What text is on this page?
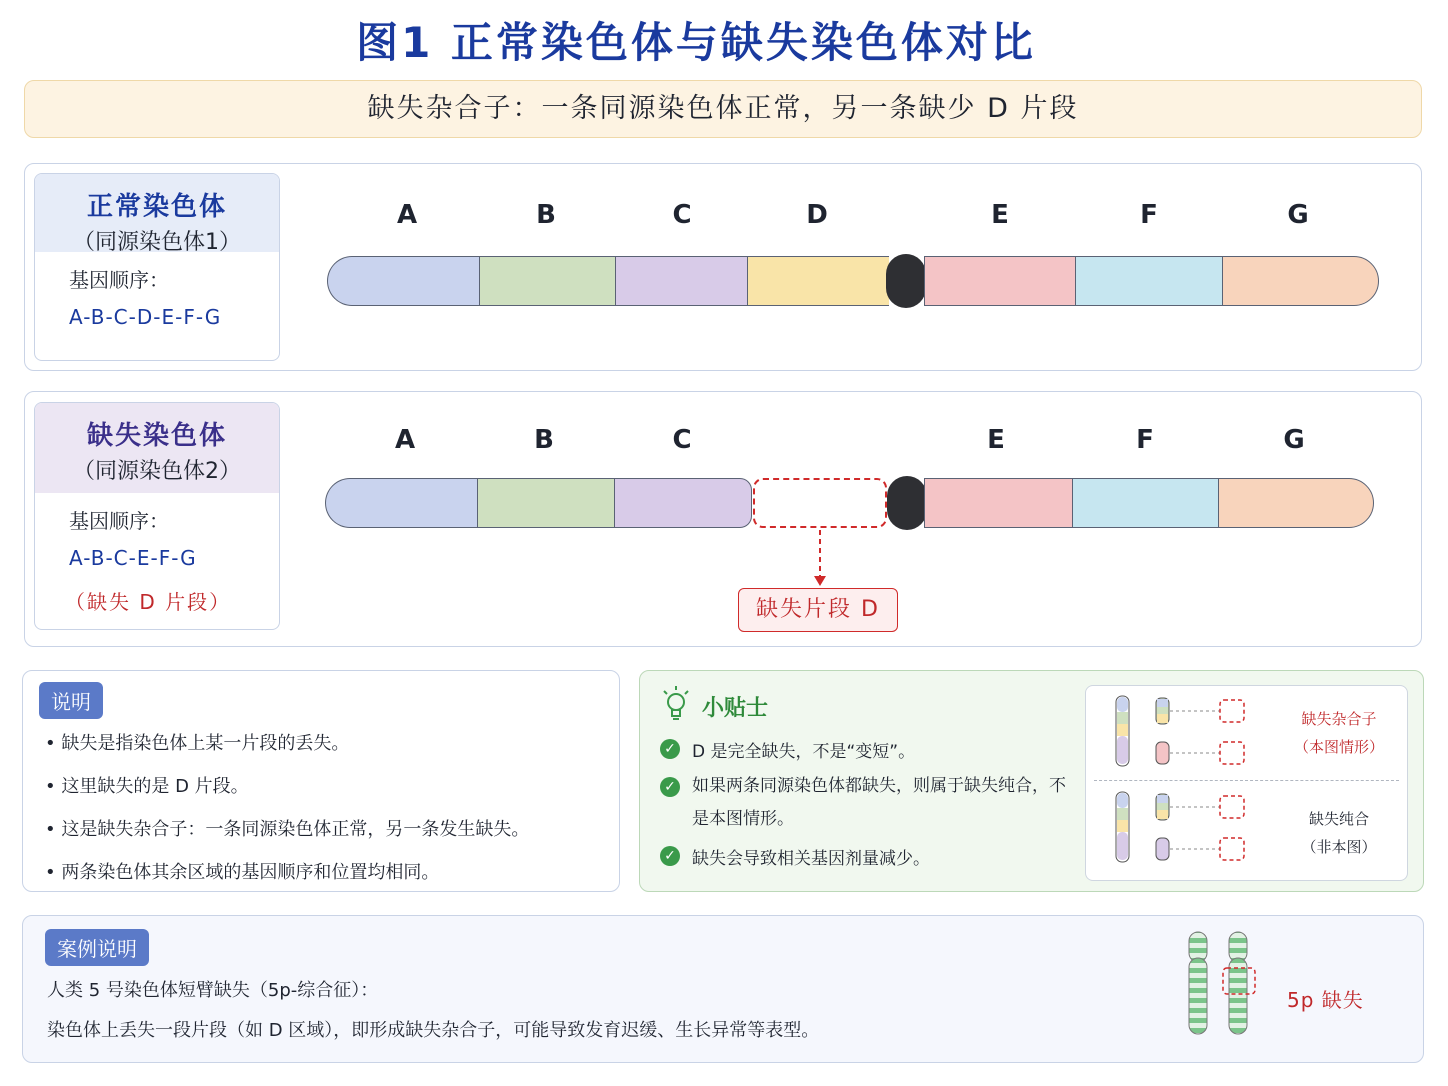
图1 正常染色体与缺失染色体对比
缺失杂合子：一条同源染色体正常，另一条缺少 D 片段
正常染色体
（同源染色体1）
基因顺序：
A-B-C-D-E-F-G
A	B	C	D	E	F	G
缺失染色体
（同源染色体2）
基因顺序：
A-B-C-E-F-G
（缺失 D 片段）
A	B	C	E	F	G
缺失片段 D
说明
• 缺失是指染色体上某一片段的丢失。
• 这里缺失的是 D 片段。
• 这是缺失杂合子：一条同源染色体正常，另一条发生缺失。
• 两条染色体其余区域的基因顺序和位置均相同。
小贴士
✓ D 是完全缺失，不是“变短”。
✓ 如果两条同源染色体都缺失，则属于缺失纯合，不是本图情形。
✓ 缺失会导致相关基因剂量减少。
缺失杂合子
（本图情形）
缺失纯合
（非本图）
案例说明
人类 5 号染色体短臂缺失（5p-综合征）：
染色体上丢失一段片段（如 D 区域），即形成缺失杂合子，可能导致发育迟缓、生长异常等表型。
5p 缺失
